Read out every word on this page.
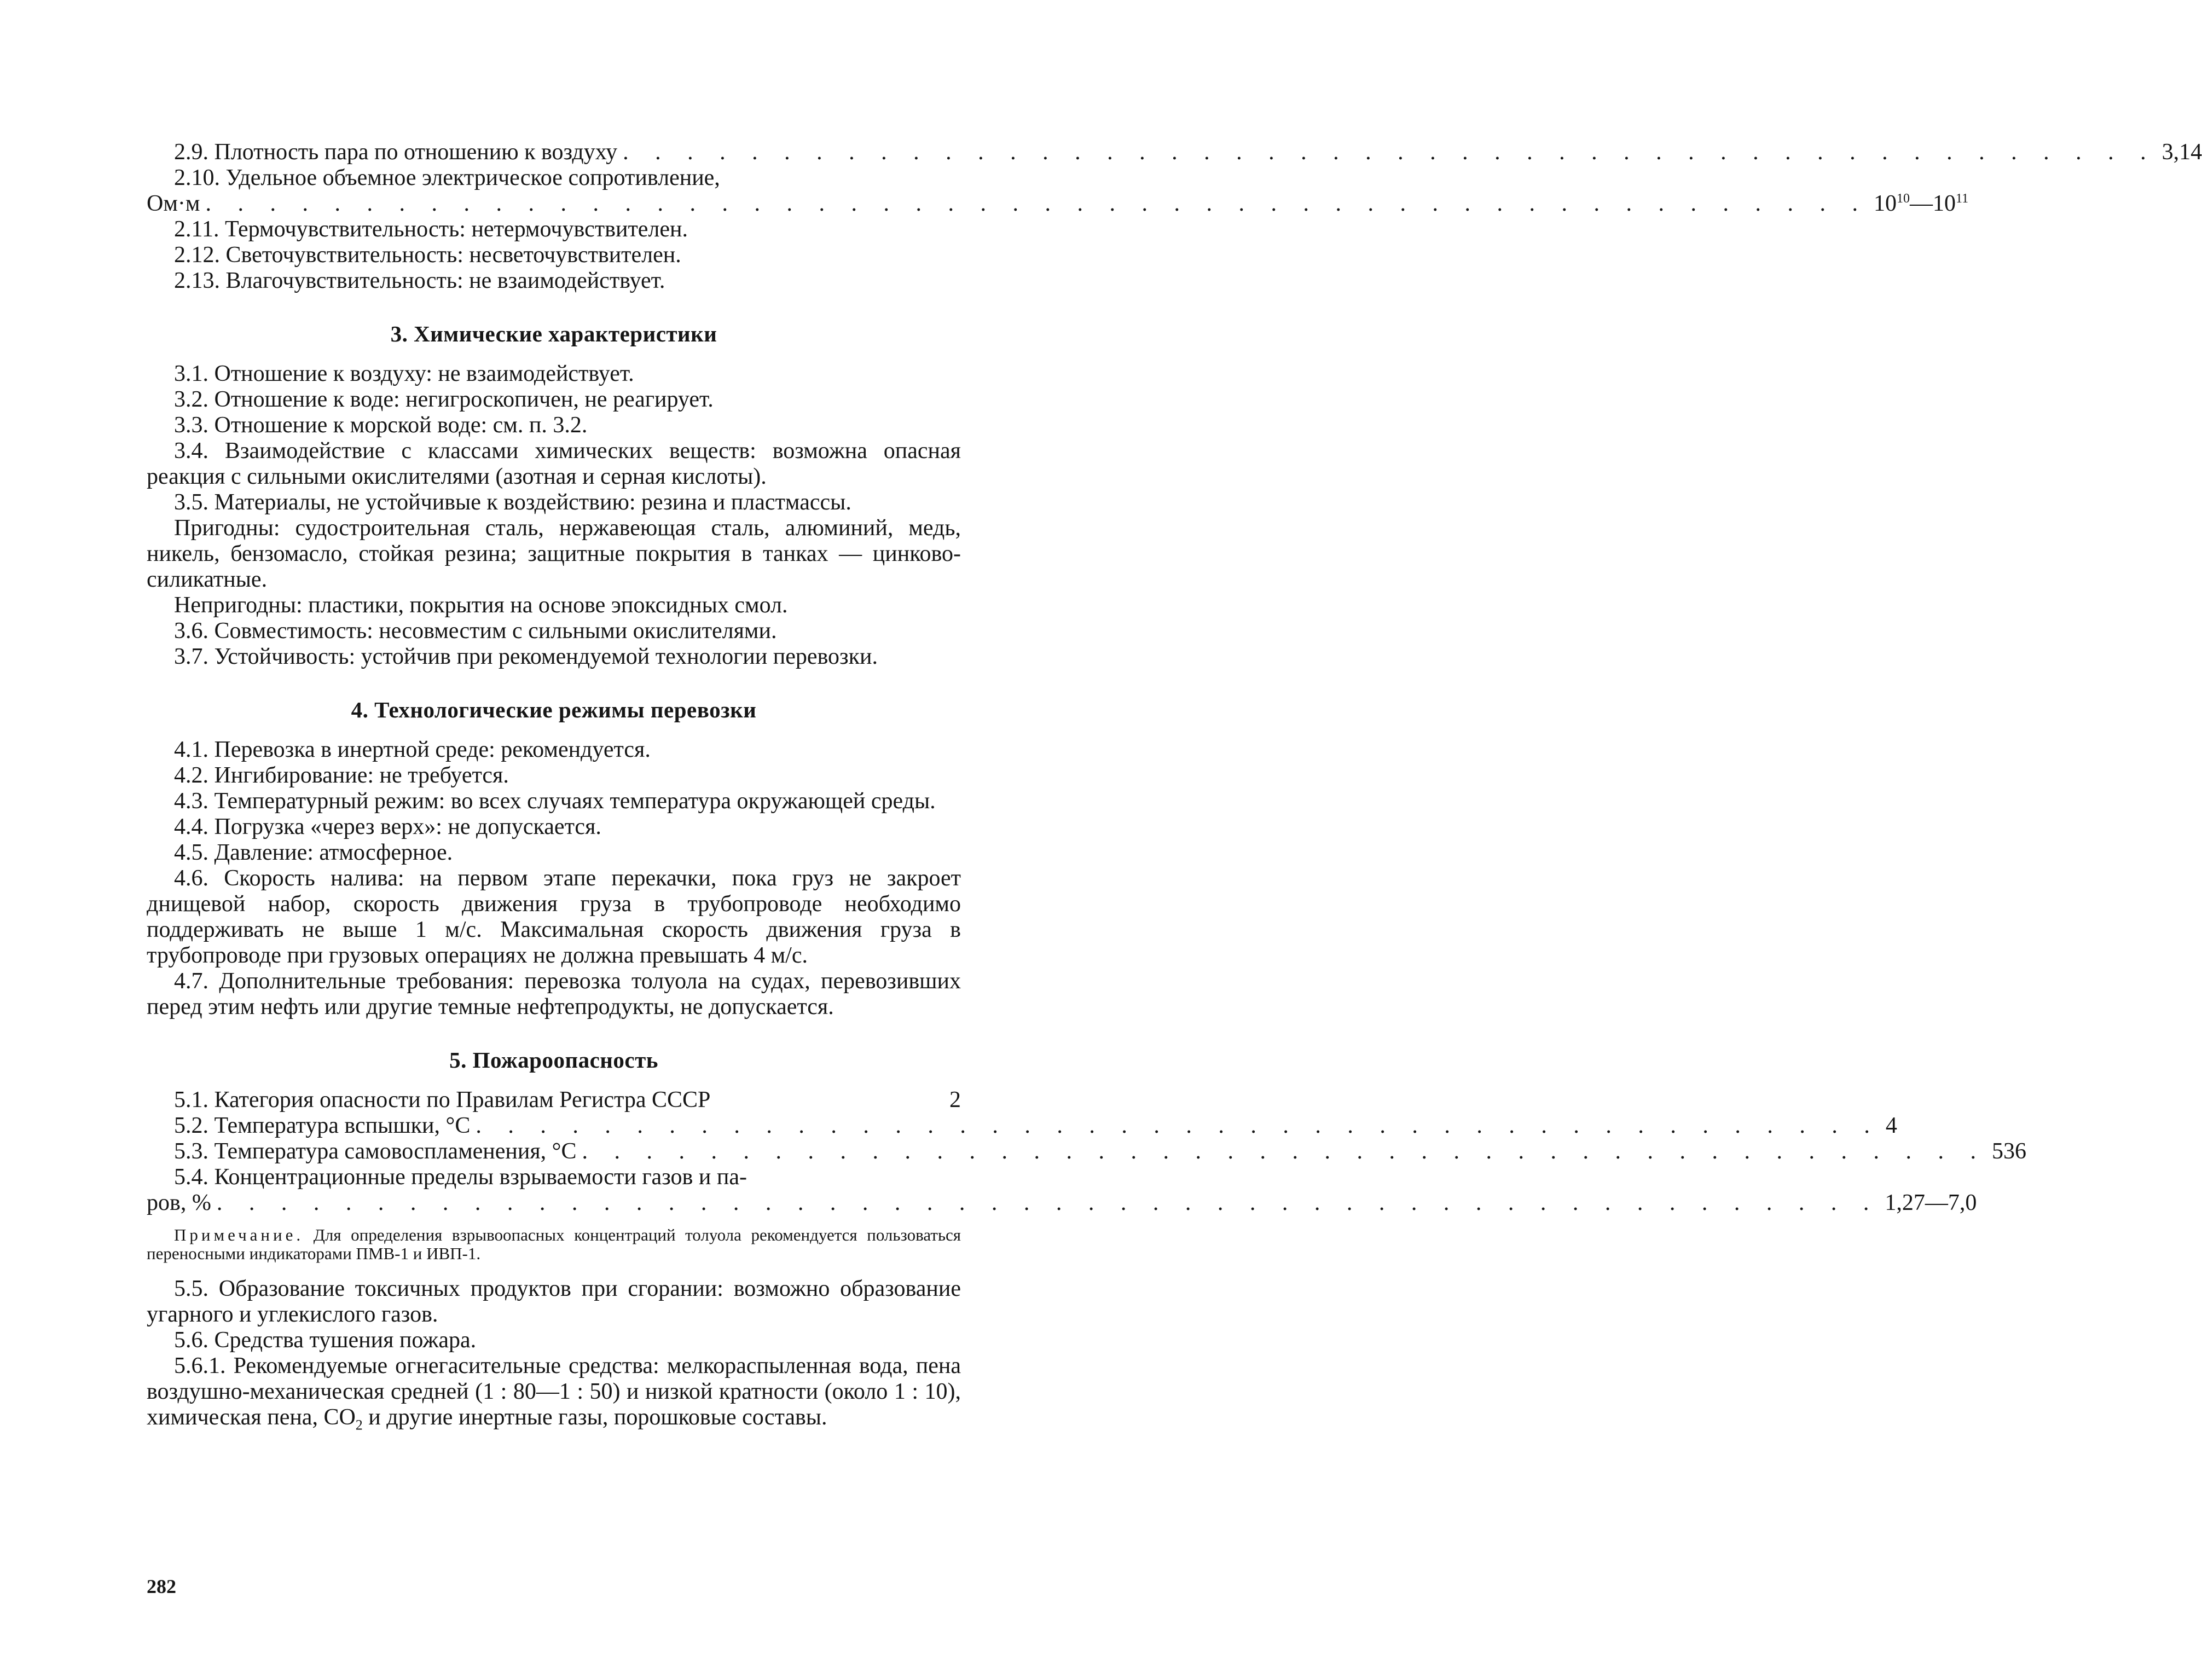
2.9. Плотность пара по отношению к воздуху . . . . . . . . . . . . . . . . . . . . . . . . . . . . . . . . . . . . . . . . . . . . . . . . 3,14

2.10. Удельное объемное электрическое сопротивление,

Ом·м . . . . . . . . . . . . . . . . . . . . . . . . . . . . . . . . . . . . . . . . . . . . . . . . . . . . $10^{10}—10^{11}$

2.11. Термочувствительность: нетермочувствителен.

2.12. Светочувствительность: несветочувствителен.

2.13. Влагочувствительность: не взаимодействует.

3. Химические характеристики

3.1. Отношение к воздуху: не взаимодействует.

3.2. Отношение к воде: негигроскопичен, не реагирует.

3.3. Отношение к морской воде: см. п. 3.2.

3.4. Взаимодействие с классами химических веществ: возможна опасная реакция с сильными окислителями (азотная и серная кислоты).

3.5. Материалы, не устойчивые к воздействию: резина и пластмассы.

Пригодны: судостроительная сталь, нержавеющая сталь, алюминий, медь, никель, бензомасло, стойкая резина; защитные покрытия в танках — цинково-силикатные.

Непригодны: пластики, покрытия на основе эпоксидных смол.

3.6. Совместимость: несовместим с сильными окислителями.

3.7. Устойчивость: устойчив при рекомендуемой технологии перевозки.

4. Технологические режимы перевозки

4.1. Перевозка в инертной среде: рекомендуется.

4.2. Ингибирование: не требуется.

4.3. Температурный режим: во всех случаях температура окружающей среды.

4.4. Погрузка «через верх»: не допускается.

4.5. Давление: атмосферное.

4.6. Скорость налива: на первом этапе перекачки, пока груз не закроет днищевой набор, скорость движения груза в трубопроводе необходимо поддерживать не выше 1 м/с. Максимальная скорость движения груза в трубопроводе при грузовых операциях не должна превышать 4 м/с.

4.7. Дополнительные требования: перевозка толуола на судах, перевозивших перед этим нефть или другие темные нефтепродукты, не допускается.

5. Пожароопасность
5.1. Категория опасности по Правилам Регистра СССР	2
5.2. Температура вспышки, °С . . . . . . . . . . . . . . . . . . . . . . . . . . . . . . . . . . . . . . . . . . . . 4
5.3. Температура самовоспламенения, °С . . . . . . . . . . . . . . . . . . . . . . . . . . . . . . . . . . . . . . . . . . . . 536

5.4. Концентрационные пределы взрываемости газов и па-

ров, % . . . . . . . . . . . . . . . . . . . . . . . . . . . . . . . . . . . . . . . . . . . . . . . . . . . . 1,27—7,0

Примечание. Для определения взрывоопасных концентраций толуола рекомендуется пользоваться переносными индикаторами ПМВ-1 и ИВП-1.

5.5. Образование токсичных продуктов при сгорании: возможно образование угарного и углекислого газов.

5.6. Средства тушения пожара.

5.6.1. Рекомендуемые огнегасительные средства: мелкораспыленная вода, пена воздушно-механическая средней (1 : 80—1 : 50) и низкой кратности (около 1 : 10), химическая пена, $CO_2$ и другие инертные газы, порошковые составы.

282
